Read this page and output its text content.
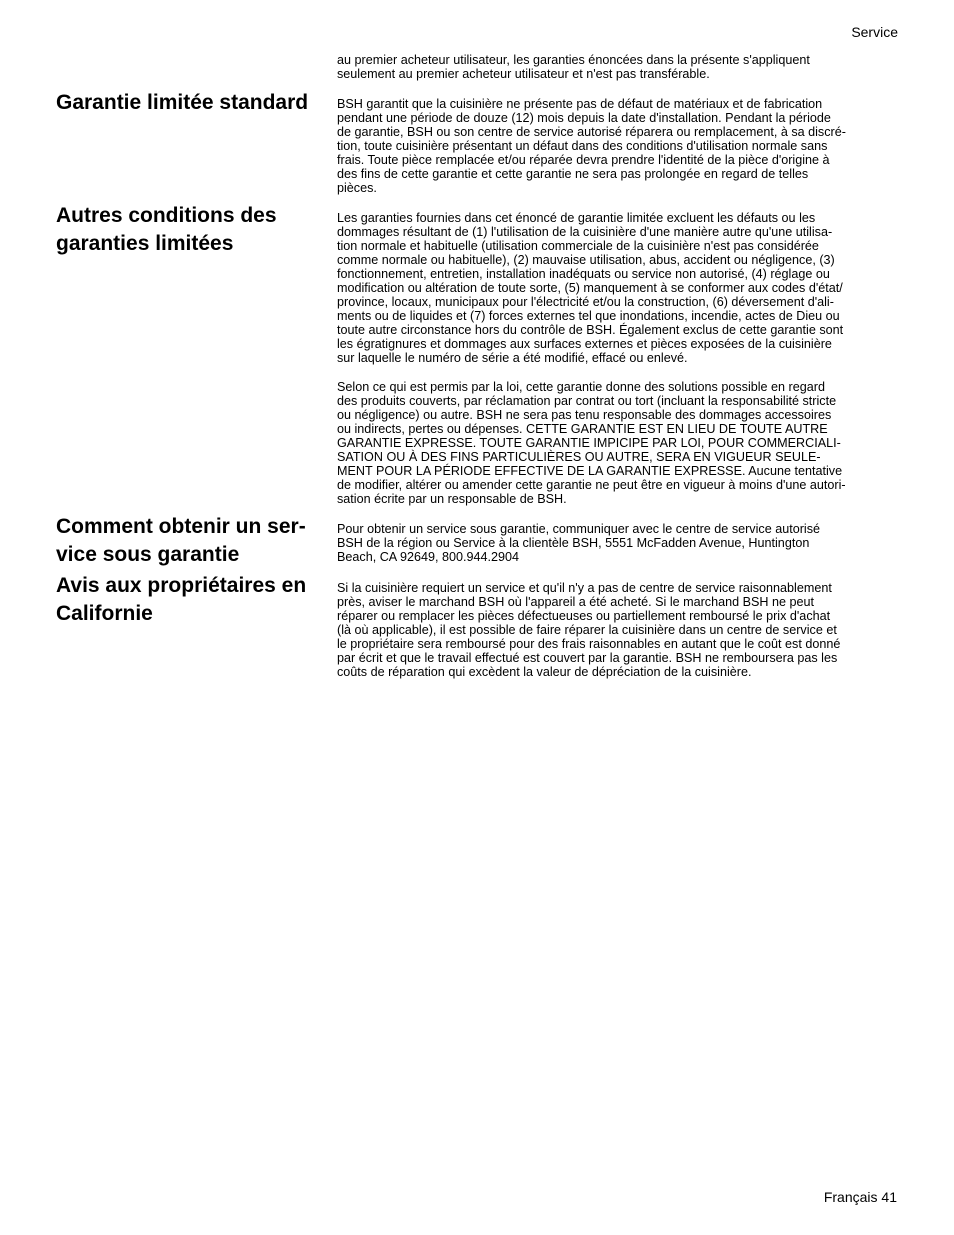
Service

au premier acheteur utilisateur, les garanties énoncées dans la présente s'appliquent
seulement au premier acheteur utilisateur et n'est pas transférable.

Garantie limitée standard	BSH garantit que la cuisinière ne présente pas de défaut de matériaux et de fabrication
pendant une période de douze (12) mois depuis la date d'installation. Pendant la période
de garantie, BSH ou son centre de service autorisé réparera ou remplacement, à sa discré-
tion, toute cuisinière présentant un défaut dans des conditions d'utilisation normale sans
frais. Toute pièce remplacée et/ou réparée devra prendre l'identité de la pièce d'origine à
des fins de cette garantie et cette garantie ne sera pas prolongée en regard de telles
pièces.

Autres conditions des garanties limitées

Les garanties fournies dans cet énoncé de garantie limitée excluent les défauts ou les
dommages résultant de (1) l'utilisation de la cuisinière d'une manière autre qu'une utilisa-
tion normale et habituelle (utilisation commerciale de la cuisinière n'est pas considérée
comme normale ou habituelle), (2) mauvaise utilisation, abus, accident ou négligence, (3)
fonctionnement, entretien, installation inadéquats ou service non autorisé, (4) réglage ou
modification ou altération de toute sorte, (5) manquement à se conformer aux codes d'état/
province, locaux, municipaux pour l'électricité et/ou la construction, (6) déversement d'ali-
ments ou de liquides et (7) forces externes tel que inondations, incendie, actes de Dieu ou
toute autre circonstance hors du contrôle de BSH. Également exclus de cette garantie sont
les égratignures et dommages aux surfaces externes et pièces exposées de la cuisinière
sur laquelle le numéro de série a été modifié, effacé ou enlevé.

Selon ce qui est permis par la loi, cette garantie donne des solutions possible en regard
des produits couverts, par réclamation par contrat ou tort (incluant la responsabilité stricte
ou négligence) ou autre. BSH ne sera pas tenu responsable des dommages accessoires
ou indirects, pertes ou dépenses. CETTE GARANTIE EST EN LIEU DE TOUTE AUTRE
GARANTIE EXPRESSE. TOUTE GARANTIE IMPICIPE PAR LOI, POUR COMMERCIALI-
SATION OU À DES FINS PARTICULIÈRES OU AUTRE, SERA EN VIGUEUR SEULE-
MENT POUR LA PÉRIODE EFFECTIVE DE LA GARANTIE EXPRESSE. Aucune tentative
de modifier, altérer ou amender cette garantie ne peut être en vigueur à moins d'une autori-
sation écrite par un responsable de BSH.

Comment obtenir un ser-
vice sous garantie

Pour obtenir un service sous garantie, communiquer avec le centre de service autorisé
BSH de la région ou Service à la clientèle BSH, 5551 McFadden Avenue, Huntington
Beach, CA 92649, 800.944.2904

Avis aux propriétaires en
Californie

Si la cuisinière requiert un service et qu'il n'y a pas de centre de service raisonnablement
près, aviser le marchand BSH où l'appareil a été acheté. Si le marchand BSH ne peut
réparer ou remplacer les pièces défectueuses ou partiellement remboursé le prix d'achat
(là où applicable), il est possible de faire réparer la cuisinière dans un centre de service et
le propriétaire sera remboursé pour des frais raisonnables en autant que le coût est donné
par écrit et que le travail effectué est couvert par la garantie. BSH ne remboursera pas les
coûts de réparation qui excèdent la valeur de dépréciation de la cuisinière.

Français 41
